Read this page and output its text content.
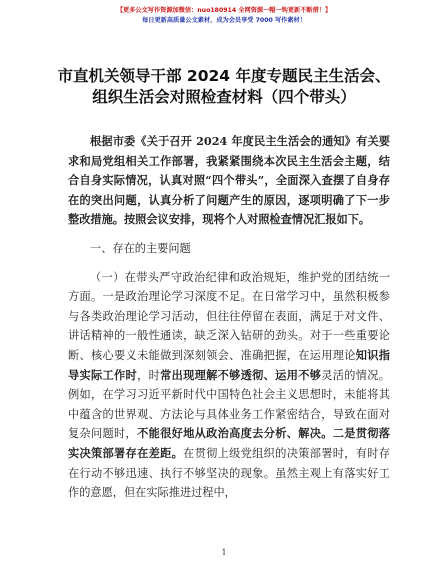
【更多公文写作资源加微信：nuo180914 全网资源一帽一钩更新不断措！】
每日更新高质量公文素材，成为会员享受 7000 写作素材！
市直机关领导干部 2024 年度专题民主生活会、
组织生活会对照检查材料（四个带头）

根据市委《关于召开 2024 年度民主生活会的通知》有关要求和局党组相关工作部署，我紧紧围绕本次民主生活会主题，结合自身实际情况，认真对照“四个带头”，全面深入查摆了自身存在的突出问题，认真分析了问题产生的原因，逐项明确了下一步整改措施。按照会议安排，现将个人对照检查情况汇报如下。

一、存在的主要问题

（一）在带头严守政治纪律和政治规矩，维护党的团结统一方面。一是政治理论学习深度不足。在日常学习中，虽然积极参与各类政治理论学习活动，但往往停留在表面，满足于对文件、讲话精神的一般性通读，缺乏深入钻研的劲头。对于一些重要论断、核心要义未能做到深刻领会、准确把握，在运用理论知识指导实际工作时，时常出现理解不够透彻、运用不够灵活的情况。例如，在学习习近平新时代中国特色社会主义思想时，未能将其中蕴含的世界观、方法论与具体业务工作紧密结合，导致在面对复杂问题时，不能很好地从政治高度去分析、解决。二是贯彻落实决策部署存在差距。在贯彻上级党组织的决策部署时，有时存在行动不够迅速、执行不够坚决的现象。虽然主观上有落实好工作的意愿，但在实际推进过程中，

1
